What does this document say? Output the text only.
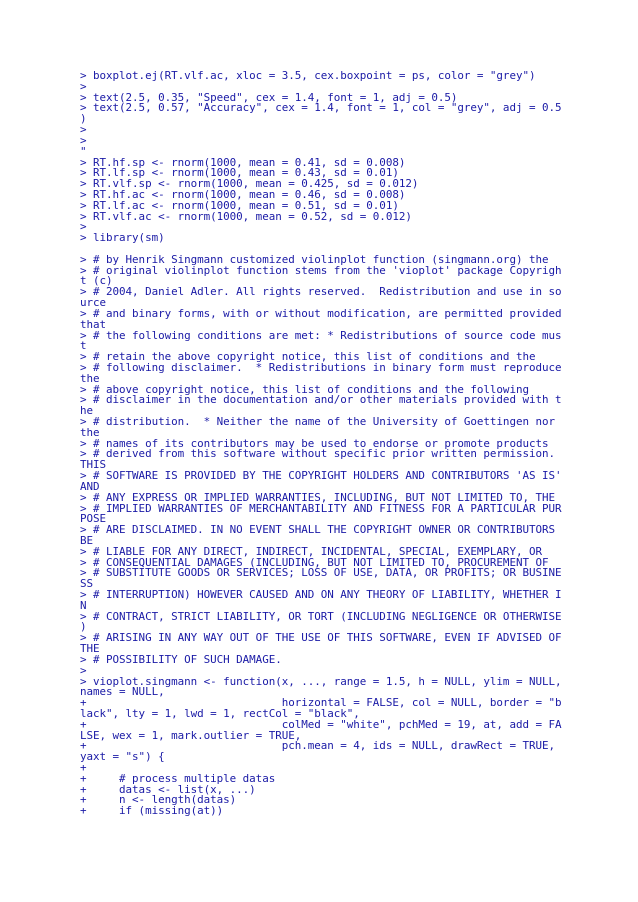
> boxplot.ej(RT.vlf.ac, xloc = 3.5, cex.boxpoint = ps, color = "grey")
>
> text(2.5, 0.35, "Speed", cex = 1.4, font = 1, adj = 0.5)
> text(2.5, 0.57, "Accuracy", cex = 1.4, font = 1, col = "grey", adj = 0.5
)
>
>
"
> RT.hf.sp <- rnorm(1000, mean = 0.41, sd = 0.008)
> RT.lf.sp <- rnorm(1000, mean = 0.43, sd = 0.01)
> RT.vlf.sp <- rnorm(1000, mean = 0.425, sd = 0.012)
> RT.hf.ac <- rnorm(1000, mean = 0.46, sd = 0.008)
> RT.lf.ac <- rnorm(1000, mean = 0.51, sd = 0.01)
> RT.vlf.ac <- rnorm(1000, mean = 0.52, sd = 0.012)
>
> library(sm)

> # by Henrik Singmann customized violinplot function (singmann.org) the
> # original violinplot function stems from the 'vioplot' package Copyrigh
t (c)
> # 2004, Daniel Adler. All rights reserved.  Redistribution and use in so
urce
> # and binary forms, with or without modification, are permitted provided
that
> # the following conditions are met: * Redistributions of source code mus
t
> # retain the above copyright notice, this list of conditions and the
> # following disclaimer.  * Redistributions in binary form must reproduce
the
> # above copyright notice, this list of conditions and the following
> # disclaimer in the documentation and/or other materials provided with t
he
> # distribution.  * Neither the name of the University of Goettingen nor
the
> # names of its contributors may be used to endorse or promote products
> # derived from this software without specific prior written permission.
THIS
> # SOFTWARE IS PROVIDED BY THE COPYRIGHT HOLDERS AND CONTRIBUTORS 'AS IS'
AND
> # ANY EXPRESS OR IMPLIED WARRANTIES, INCLUDING, BUT NOT LIMITED TO, THE
> # IMPLIED WARRANTIES OF MERCHANTABILITY AND FITNESS FOR A PARTICULAR PUR
POSE
> # ARE DISCLAIMED. IN NO EVENT SHALL THE COPYRIGHT OWNER OR CONTRIBUTORS
BE
> # LIABLE FOR ANY DIRECT, INDIRECT, INCIDENTAL, SPECIAL, EXEMPLARY, OR
> # CONSEQUENTIAL DAMAGES (INCLUDING, BUT NOT LIMITED TO, PROCUREMENT OF
> # SUBSTITUTE GOODS OR SERVICES; LOSS OF USE, DATA, OR PROFITS; OR BUSINE
SS
> # INTERRUPTION) HOWEVER CAUSED AND ON ANY THEORY OF LIABILITY, WHETHER I
N
> # CONTRACT, STRICT LIABILITY, OR TORT (INCLUDING NEGLIGENCE OR OTHERWISE
)
> # ARISING IN ANY WAY OUT OF THE USE OF THIS SOFTWARE, EVEN IF ADVISED OF
THE
> # POSSIBILITY OF SUCH DAMAGE.
>
> vioplot.singmann <- function(x, ..., range = 1.5, h = NULL, ylim = NULL,
names = NULL,
+                              horizontal = FALSE, col = NULL, border = "b
lack", lty = 1, lwd = 1, rectCol = "black",
+                              colMed = "white", pchMed = 19, at, add = FA
LSE, wex = 1, mark.outlier = TRUE,
+                              pch.mean = 4, ids = NULL, drawRect = TRUE,
yaxt = "s") {
+
+     # process multiple datas
+     datas <- list(x, ...)
+     n <- length(datas)
+     if (missing(at))
